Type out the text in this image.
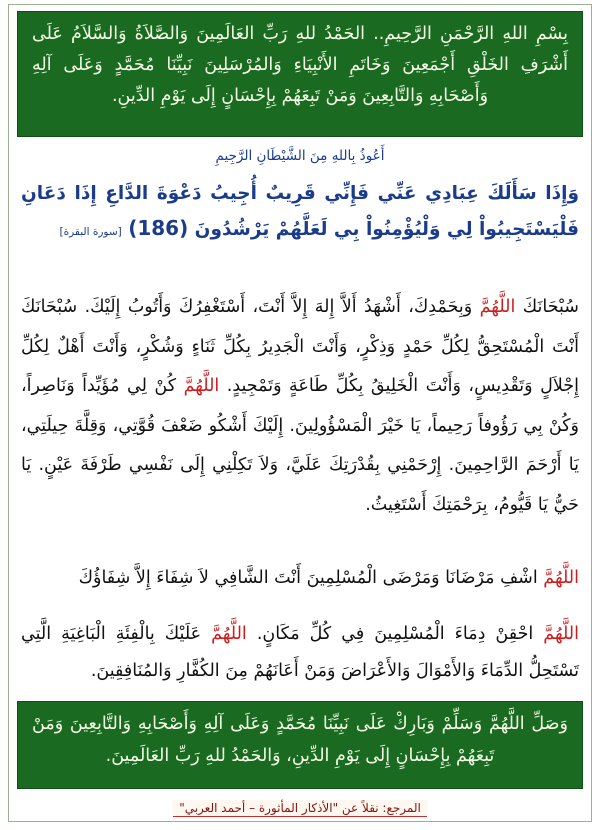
بِسْمِ اللهِ الرَّحْمَنِ الرَّحِيمِ.. الحَمْدُ للهِ رَبِّ العَالَمِينَ وَالصَّلاَةُ وَالسَّلاَمُ عَلَى أَشْرَفِ الخَلْقِ أَجْمَعِينَ وَخَاتَمِ الأَنْبِيَاءِ وَالمُرْسَلِينَ نَبِيِّنَا مُحَمَّدٍ وَعَلَى آلِهِ وَأَصْحَابِهِ وَالتَّابِعِينَ وَمَنْ تَبِعَهُمْ بِإِحْسَانٍ إِلَى يَوْمِ الدِّينِ.
أَعُوذُ بِاللهِ مِنَ الشَّيْطَانِ الرَّجِيمِ
وَإِذَا سَأَلَكَ عِبَادِي عَنِّي فَإِنِّي قَرِيبٌ أُجِيبُ دَعْوَةَ الدَّاعِ إِذَا دَعَانِ فَلْيَسْتَجِيبُواْ لِي وَلْيُؤْمِنُواْ بِي لَعَلَّهُمْ يَرْشُدُونَ (186) [سورة البقرة]
سُبْحَانَكَ اللَّهُمَّ وَبِحَمْدِكَ، أَشْهَدُ أَلاَّ إِلهَ إِلاَّ أَنْتَ، أَسْتَغْفِرُكَ وَأَتُوبُ إِلَيْكَ. سُبْحَانَكَ أَنْتَ الْمُسْتَحِقُّ لِكُلِّ حَمْدٍ وَذِكْرٍ، وَأَنْتَ الْجَدِيرُ بِكُلِّ ثَنَاءٍ وَشُكْرٍ، وَأَنْتَ أَهْلٌ لِكُلِّ إِجْلاَلٍ وَتَقْدِيسٍ، وَأَنْتَ الْخَلِيقُ بِكُلِّ طَاعَةٍ وَتَمْجِيدٍ. اللَّهُمَّ كُنْ لِي مُؤَيِّداً وَنَاصِراً، وَكُنْ بِي رَؤُوفاً رَحِيماً، يَا خَيْرَ الْمَسْؤُولِينَ. إِلَيْكَ أَشْكُو ضَعْفَ قُوَّتِي، وَقِلَّةَ حِيلَتِي، يَا أَرْحَمَ الرَّاحِمِينَ. إِرْحَمْنِي بِقُدْرَتِكَ عَلَيَّ، وَلاَ تَكِلْنِي إِلَى نَفْسِي طَرْفَةَ عَيْنٍ. يَا حَيُّ يَا قَيُّومُ، بِرَحْمَتِكَ أَسْتَغِيثُ.
اللَّهُمَّ اشْفِ مَرْضَانَا وَمَرْضَى الْمُسْلِمِينَ أَنْتَ الشَّافِي لاَ شِفَاءَ إِلاَّ شِفَاؤُكَ
اللَّهُمَّ احْقِنْ دِمَاءَ الْمُسْلِمِينَ فِي كُلِّ مَكَانٍ. اللَّهُمَّ عَلَيْكَ بِالْفِئَةِ الْبَاغِيَةِ الَّتِي تَسْتَحِلُّ الدِّمَاءَ وَالأَمْوَالَ وَالأَعْرَاضَ وَمَنْ أَعَانَهُمْ مِنَ الكُفَّارِ وَالمُنَافِقِينَ.
وَصَلِّ اللَّهُمَّ وَسَلِّمْ وَبَارِكْ عَلَى نَبِيِّنَا مُحَمَّدٍ وَعَلَى آلِهِ وَأَصْحَابِهِ وَالتَّابِعِينَ وَمَنْ تَبِعَهُمْ بِإِحْسَانٍ إِلَى يَوْمِ الدِّينِ، وَالحَمْدُ للهِ رَبِّ العَالَمِينَ.
المرجع: نقلاً عن "الأذكار المأثورة – أحمد العربي"
